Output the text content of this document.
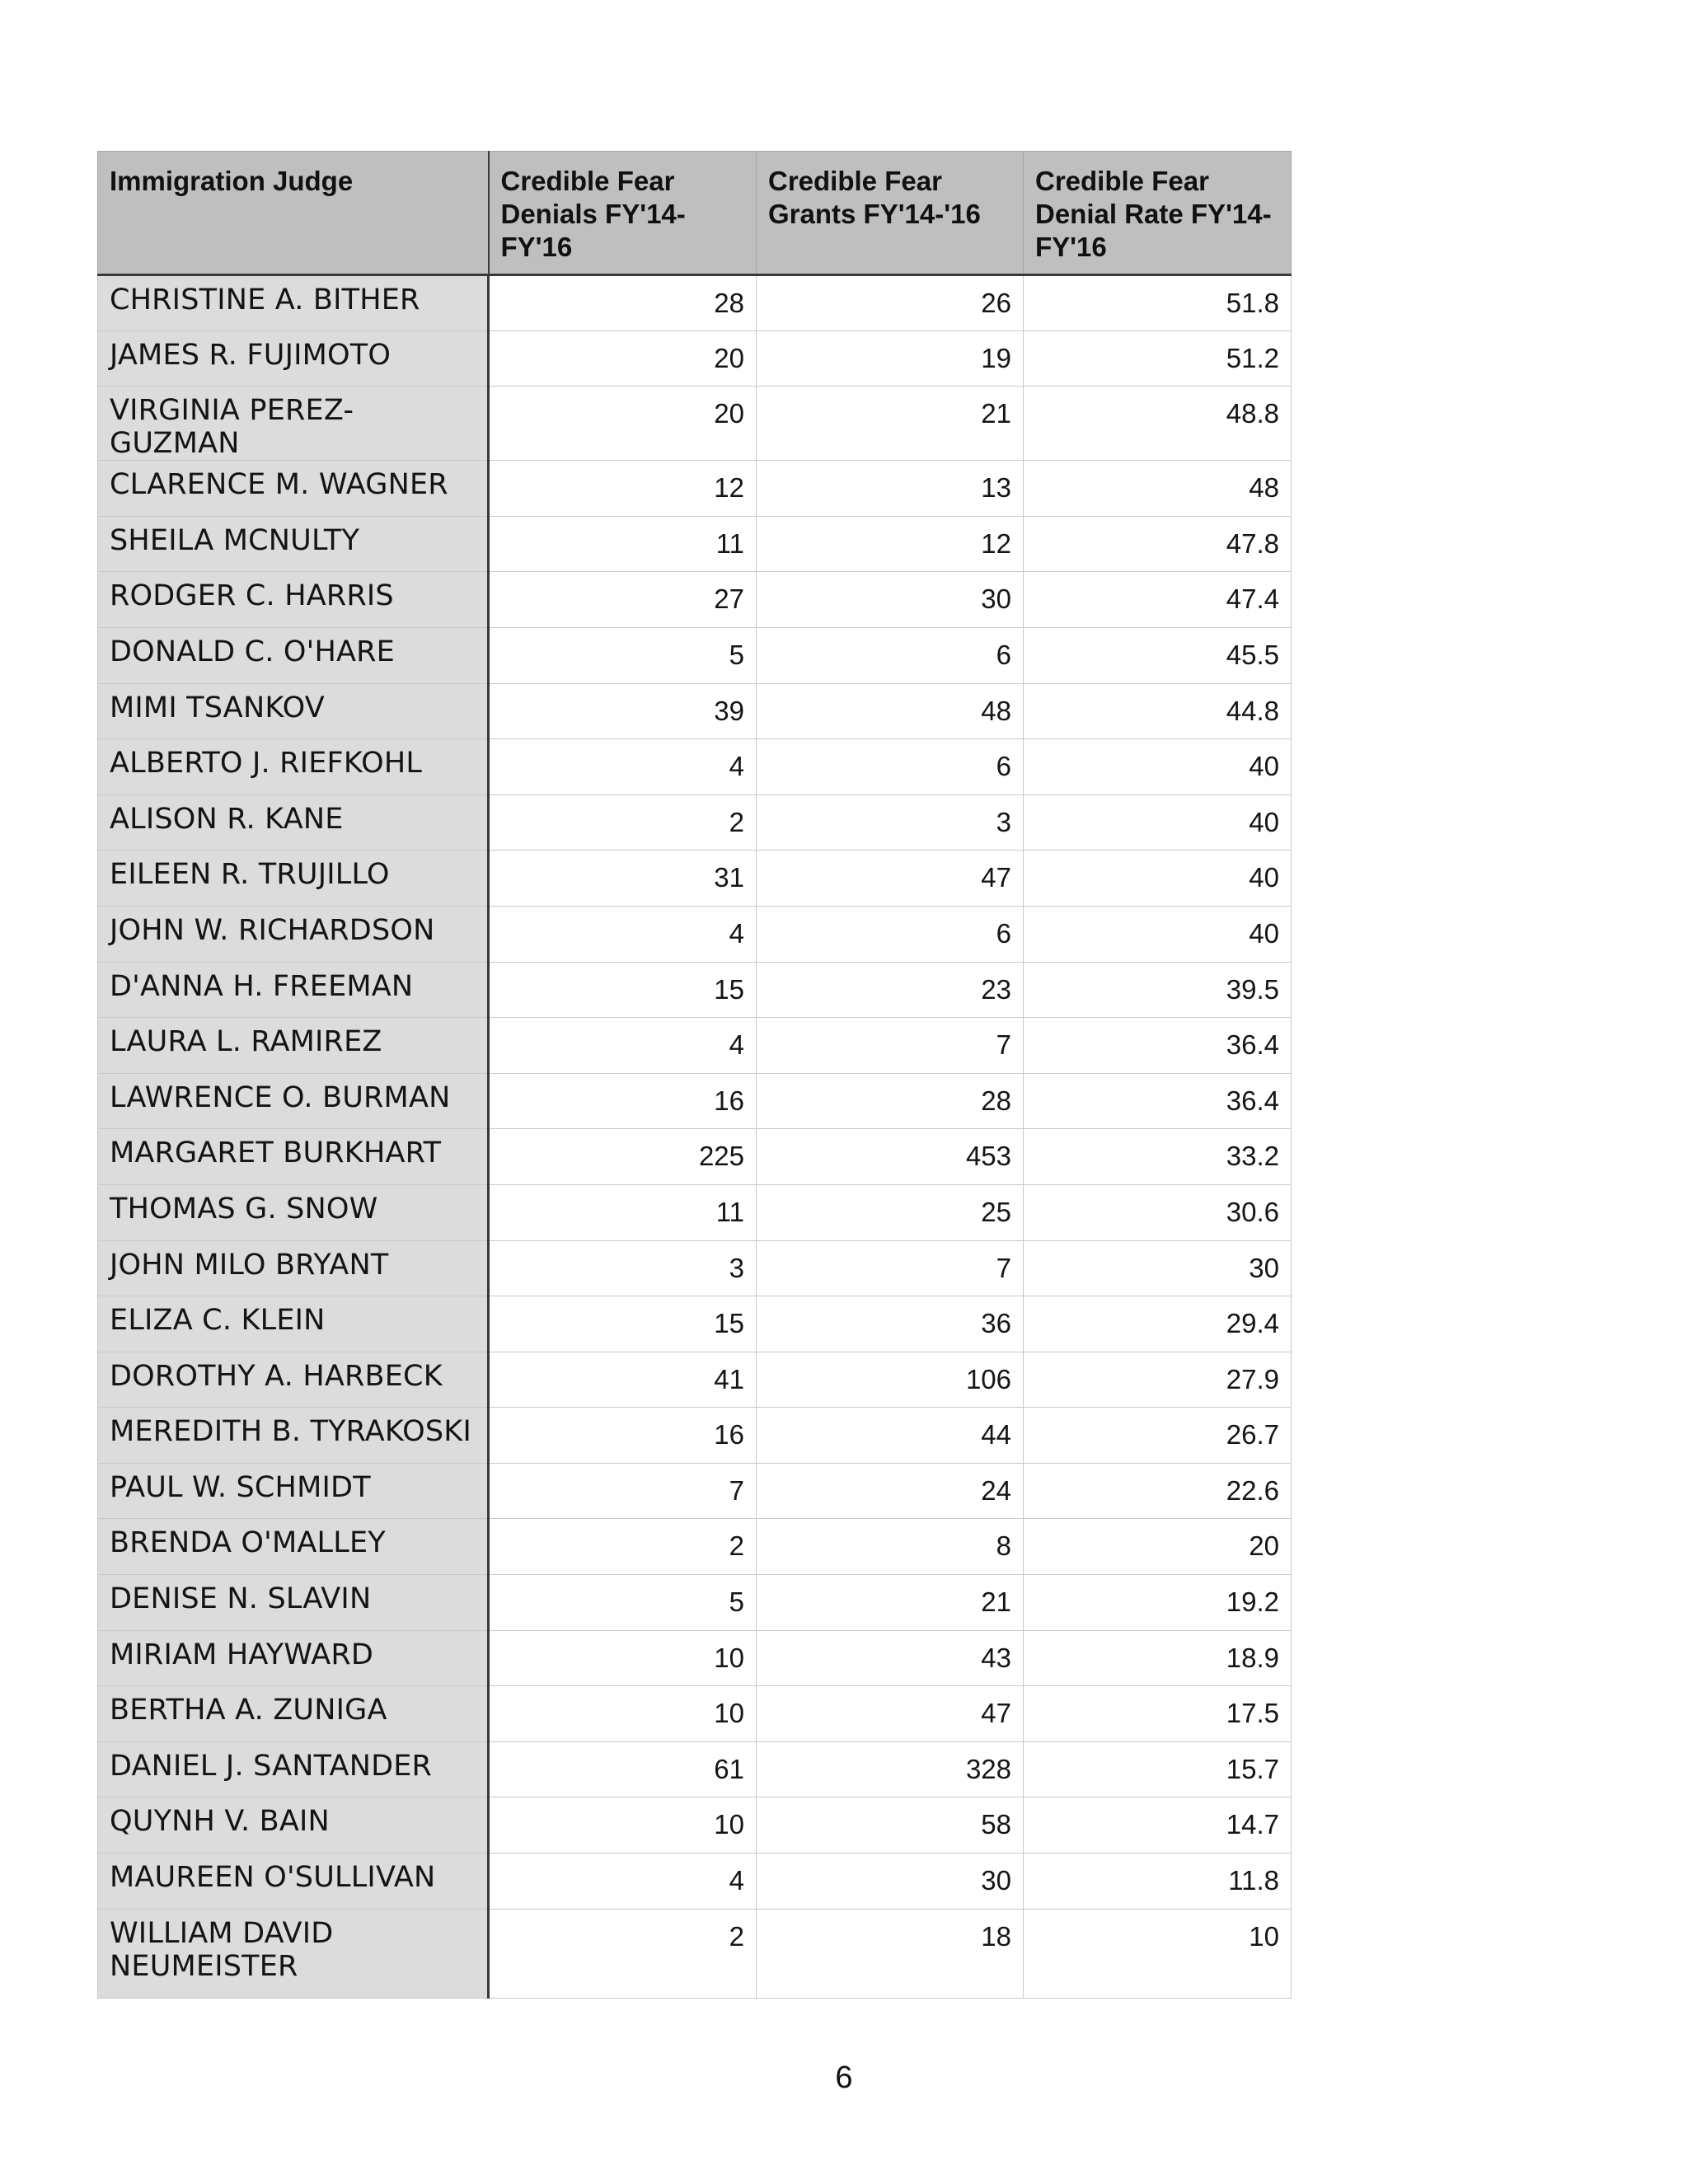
Immigration Judge	Credible Fear Denials FY'14-FY'16	Credible Fear Grants FY'14-'16	Credible Fear Denial Rate FY'14-FY'16
CHRISTINE A. BITHER	28	26	51.8
JAMES R. FUJIMOTO	20	19	51.2
VIRGINIA PEREZ-GUZMAN	20	21	48.8
CLARENCE M. WAGNER	12	13	48
SHEILA MCNULTY	11	12	47.8
RODGER C. HARRIS	27	30	47.4
DONALD C. O'HARE	5	6	45.5
MIMI TSANKOV	39	48	44.8
ALBERTO J. RIEFKOHL	4	6	40
ALISON R. KANE	2	3	40
EILEEN R. TRUJILLO	31	47	40
JOHN W. RICHARDSON	4	6	40
D'ANNA H. FREEMAN	15	23	39.5
LAURA L. RAMIREZ	4	7	36.4
LAWRENCE O. BURMAN	16	28	36.4
MARGARET BURKHART	225	453	33.2
THOMAS G. SNOW	11	25	30.6
JOHN MILO BRYANT	3	7	30
ELIZA C. KLEIN	15	36	29.4
DOROTHY A. HARBECK	41	106	27.9
MEREDITH B. TYRAKOSKI	16	44	26.7
PAUL W. SCHMIDT	7	24	22.6
BRENDA O'MALLEY	2	8	20
DENISE N. SLAVIN	5	21	19.2
MIRIAM HAYWARD	10	43	18.9
BERTHA A. ZUNIGA	10	47	17.5
DANIEL J. SANTANDER	61	328	15.7
QUYNH V. BAIN	10	58	14.7
MAUREEN O'SULLIVAN	4	30	11.8
WILLIAM DAVID NEUMEISTER	2	18	10
6
